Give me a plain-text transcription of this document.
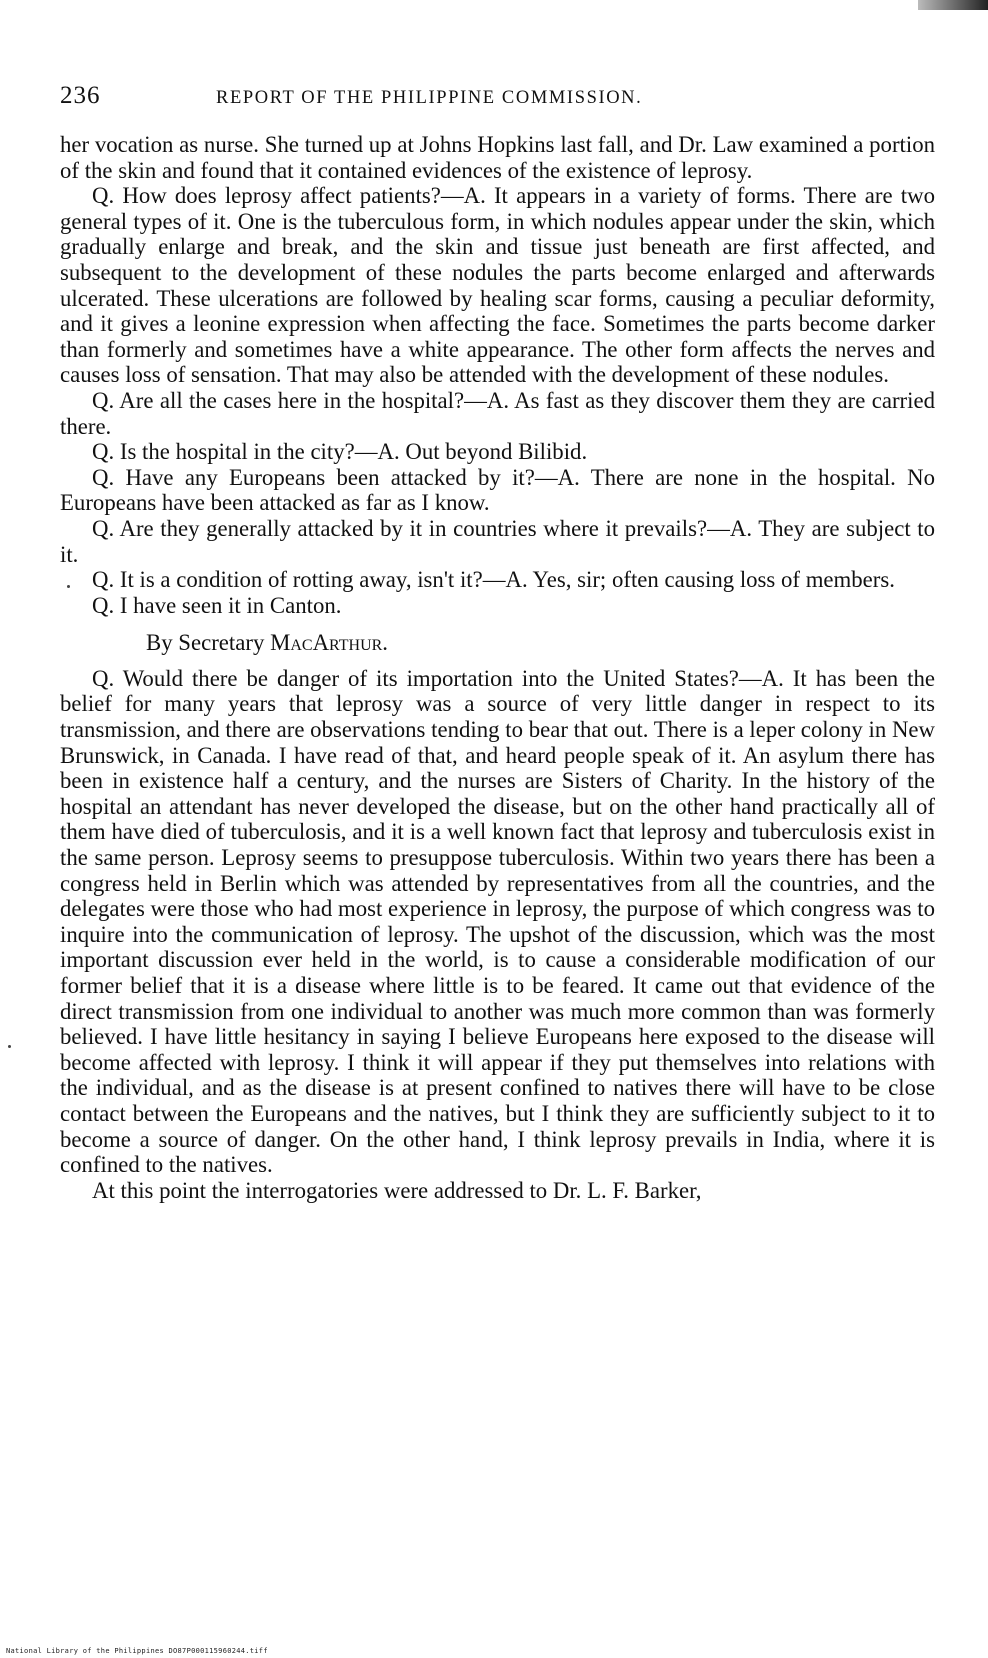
236	REPORT OF THE PHILIPPINE COMMISSION.

her vocation as nurse. She turned up at Johns Hopkins last fall, and Dr. Law examined a portion of the skin and found that it contained evidences of the existence of leprosy.

Q. How does leprosy affect patients?—A. It appears in a variety of forms. There are two general types of it. One is the tuberculous form, in which nodules appear under the skin, which gradually enlarge and break, and the skin and tissue just beneath are first affected, and subsequent to the development of these nodules the parts become enlarged and afterwards ulcerated. These ulcerations are followed by healing scar forms, causing a peculiar deformity, and it gives a leonine expression when affecting the face. Sometimes the parts become darker than formerly and sometimes have a white appearance. The other form affects the nerves and causes loss of sensation. That may also be attended with the development of these nodules.

Q. Are all the cases here in the hospital?—A. As fast as they discover them they are carried there.

Q. Is the hospital in the city?—A. Out beyond Bilibid.

Q. Have any Europeans been attacked by it?—A. There are none in the hospital. No Europeans have been attacked as far as I know.

Q. Are they generally attacked by it in countries where it prevails?—A. They are subject to it.

Q. It is a condition of rotting away, isn't it?—A. Yes, sir; often causing loss of members.

Q. I have seen it in Canton.

By Secretary MacArthur.

Q. Would there be danger of its importation into the United States?—A. It has been the belief for many years that leprosy was a source of very little danger in respect to its transmission, and there are observations tending to bear that out. There is a leper colony in New Brunswick, in Canada. I have read of that, and heard people speak of it. An asylum there has been in existence half a century, and the nurses are Sisters of Charity. In the history of the hospital an attendant has never developed the disease, but on the other hand practically all of them have died of tuberculosis, and it is a well known fact that leprosy and tuberculosis exist in the same person. Leprosy seems to presuppose tuberculosis. Within two years there has been a congress held in Berlin which was attended by representatives from all the countries, and the delegates were those who had most experience in leprosy, the purpose of which congress was to inquire into the communication of leprosy. The upshot of the discussion, which was the most important discussion ever held in the world, is to cause a considerable modification of our former belief that it is a disease where little is to be feared. It came out that evidence of the direct transmission from one individual to another was much more common than was formerly believed. I have little hesitancy in saying I believe Europeans here exposed to the disease will become affected with leprosy. I think it will appear if they put themselves into relations with the individual, and as the disease is at present confined to natives there will have to be close contact between the Europeans and the natives, but I think they are sufficiently subject to it to become a source of danger. On the other hand, I think leprosy prevails in India, where it is confined to the natives.

At this point the interrogatories were addressed to Dr. L. F. Barker,

National Library of the Philippines DO87P000115960244.tiff
